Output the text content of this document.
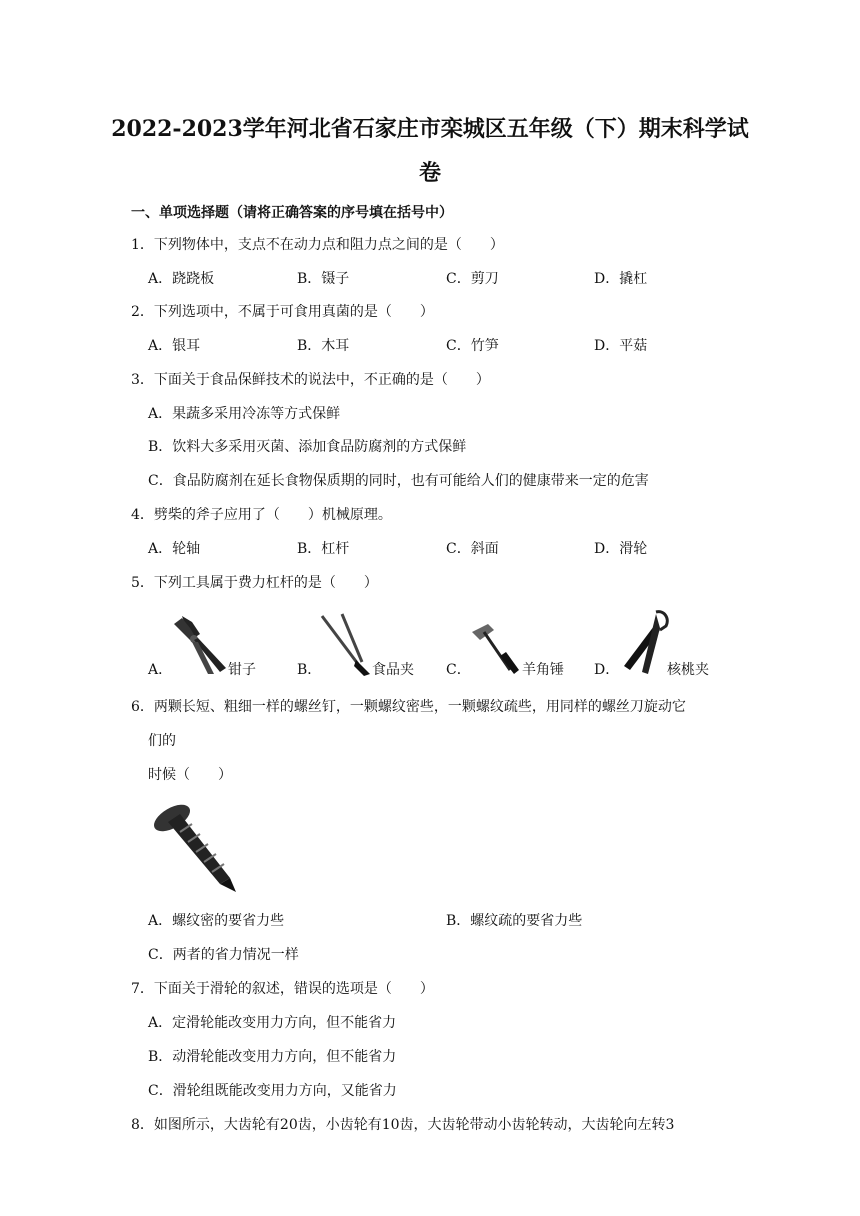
2022-2023学年河北省石家庄市栾城区五年级（下）期末科学试
卷
一、单项选择题（请将正确答案的序号填在括号中）
1．下列物体中，支点不在动力点和阻力点之间的是（　　）
A．跷跷板	B．镊子	C．剪刀	D．撬杠
2．下列选项中，不属于可食用真菌的是（　　）
A．银耳	B．木耳	C．竹笋	D．平菇
3．下面关于食品保鲜技术的说法中，不正确的是（　　）
A．果蔬多采用冷冻等方式保鲜
B．饮料大多采用灭菌、添加食品防腐剂的方式保鲜
C．食品防腐剂在延长食物保质期的同时，也有可能给人们的健康带来一定的危害
4．劈柴的斧子应用了（　　）机械原理。
A．轮轴	B．杠杆	C．斜面	D．滑轮
5．下列工具属于费力杠杆的是（　　）
A．	钳子	B．	食品夹 C．	羊角锤 D．	核桃夹
6．两颗长短、粗细一样的螺丝钉，一颗螺纹密些，一颗螺纹疏些，用同样的螺丝刀旋动它
们的
时候（　　）
A．螺纹密的要省力些	B．螺纹疏的要省力些
C．两者的省力情况一样
7．下面关于滑轮的叙述，错误的选项是（　　）
A．定滑轮能改变用力方向，但不能省力
B．动滑轮能改变用力方向，但不能省力
C．滑轮组既能改变用力方向，又能省力
8．如图所示，大齿轮有20齿，小齿轮有10齿，大齿轮带动小齿轮转动，大齿轮向左转3
